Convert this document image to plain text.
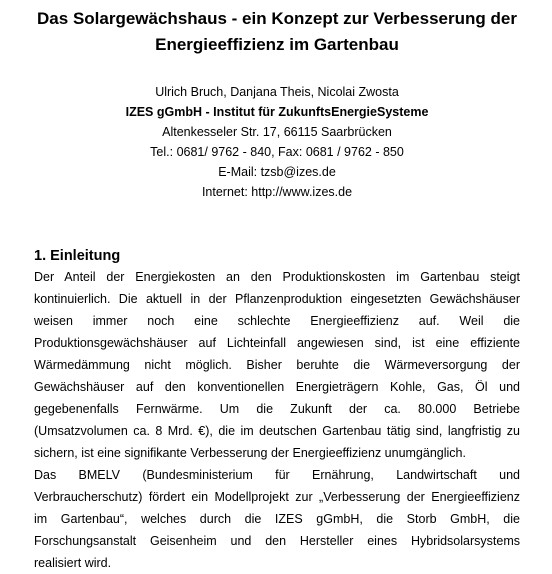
Das Solargewächshaus - ein Konzept zur Verbesserung der
Energieeffizienz im Gartenbau
Ulrich Bruch, Danjana Theis, Nicolai Zwosta
IZES gGmbH - Institut für ZukunftsEnergieSysteme
Altenkesseler Str. 17, 66115 Saarbrücken
Tel.: 0681/ 9762 - 840, Fax: 0681 / 9762 - 850
E-Mail: tzsb@izes.de
Internet: http://www.izes.de
1. Einleitung

Der Anteil der Energiekosten an den Produktionskosten im Gartenbau steigt
kontinuierlich. Die aktuell in der Pflanzenproduktion eingesetzten Gewächshäuser
weisen immer noch eine schlechte Energieeffizienz auf. Weil die
Produktionsgewächshäuser auf Lichteinfall angewiesen sind, ist eine effiziente
Wärmedämmung nicht möglich. Bisher beruhte die Wärmeversorgung der
Gewächshäuser auf den konventionellen Energieträgern Kohle, Gas, Öl und
gegebenenfalls Fernwärme. Um die Zukunft der ca. 80.000 Betriebe
(Umsatzvolumen ca. 8 Mrd. €), die im deutschen Gartenbau tätig sind, langfristig zu
sichern, ist eine signifikante Verbesserung der Energieeffizienz unumgänglich.

Das BMELV (Bundesministerium für Ernährung, Landwirtschaft und
Verbraucherschutz) fördert ein Modellprojekt zur „Verbesserung der Energieeffizienz
im Gartenbau“, welches durch die IZES gGmbH, die Storb GmbH, die
Forschungsanstalt Geisenheim und den Hersteller eines Hybridsolarsystems
realisiert wird.
